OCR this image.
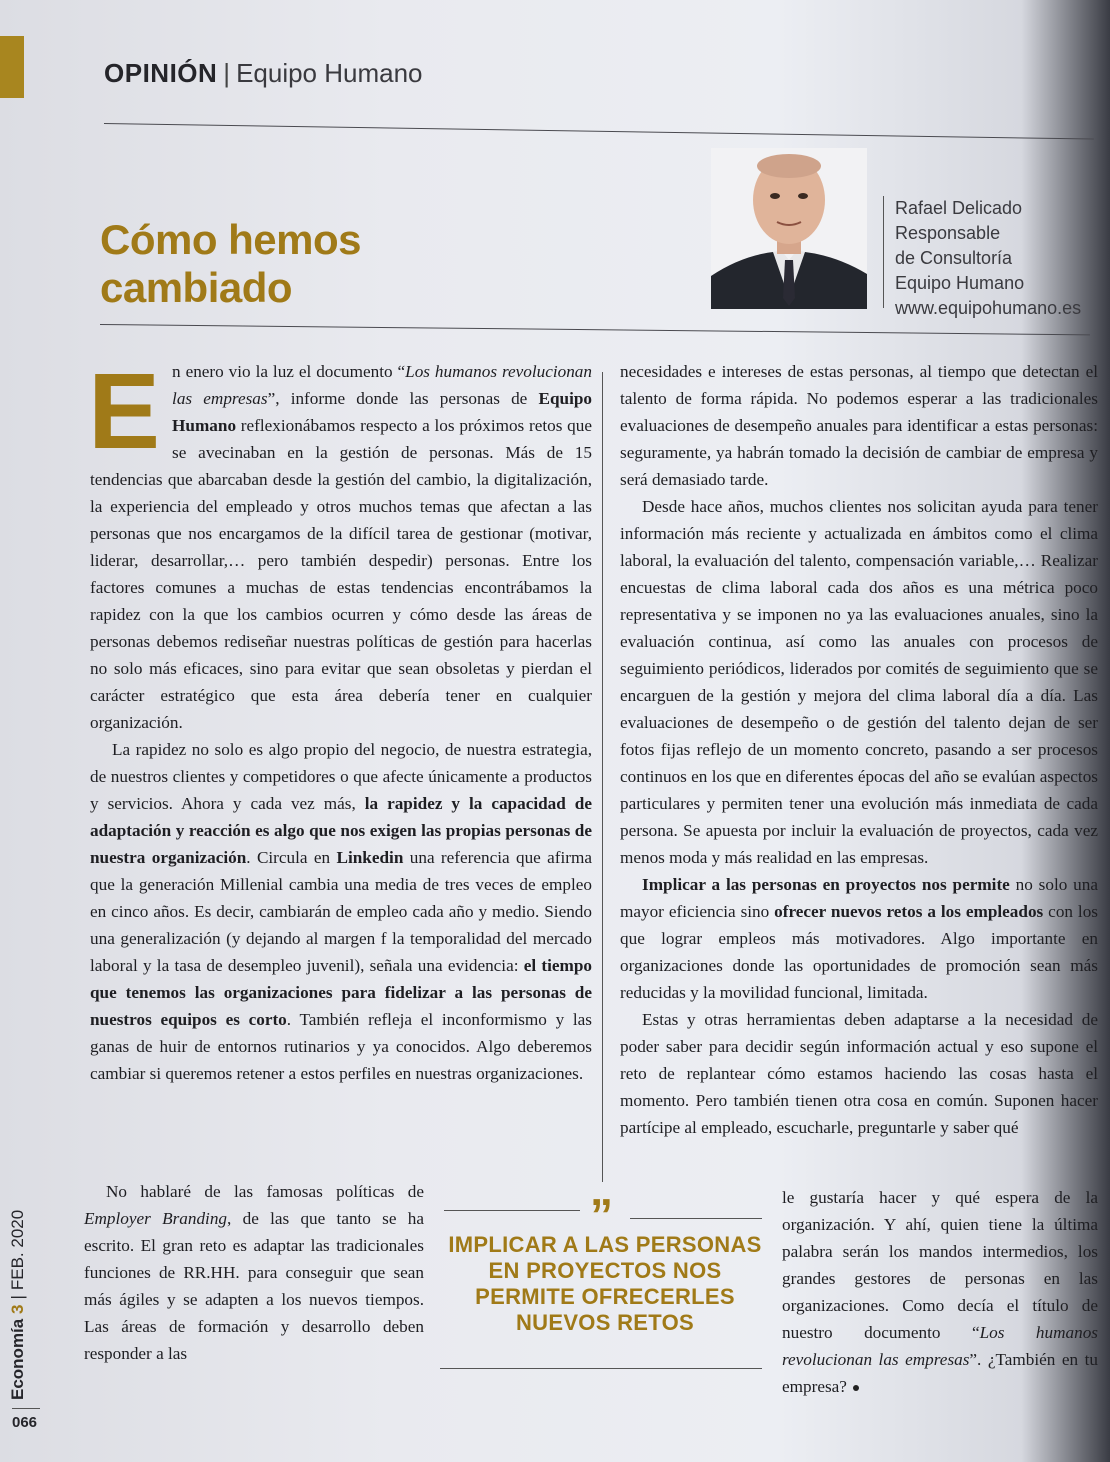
OPINIÓN | Equipo Humano
Cómo hemos
cambiado
Rafael Delicado
Responsable
de Consultoría
Equipo Humano
www.equipohumano.es

En enero vio la luz el documento “Los humanos revolucionan las empresas”, informe donde las personas de Equipo Humano reflexionábamos respecto a los próximos retos que se avecinaban en la gestión de personas. Más de 15 tendencias que abarcaban desde la gestión del cambio, la digitalización, la experiencia del empleado y otros muchos temas que afectan a las personas que nos encargamos de la difícil tarea de gestionar (motivar, liderar, desarrollar,… pero también despedir) personas. Entre los factores comunes a muchas de estas tendencias encontrábamos la rapidez con la que los cambios ocurren y cómo desde las áreas de personas debemos rediseñar nuestras políticas de gestión para hacerlas no solo más eficaces, sino para evitar que sean obsoletas y pierdan el carácter estratégico que esta área debería tener en cualquier organización.

La rapidez no solo es algo propio del negocio, de nuestra estrategia, de nuestros clientes y competidores o que afecte únicamente a productos y servicios. Ahora y cada vez más, la rapidez y la capacidad de adaptación y reacción es algo que nos exigen las propias personas de nuestra organización. Circula en Linkedin una referencia que afirma que la generación Millenial cambia una media de tres veces de empleo en cinco años. Es decir, cambiarán de empleo cada año y medio. Siendo una generalización (y dejando al margen f la temporalidad del mercado laboral y la tasa de desempleo juvenil), señala una evidencia: el tiempo que tenemos las organizaciones para fidelizar a las personas de nuestros equipos es corto. También refleja el inconformismo y las ganas de huir de entornos rutinarios y ya conocidos. Algo deberemos cambiar si queremos retener a estos perfiles en nuestras organizaciones.

No hablaré de las famosas políticas de Employer Branding, de las que tanto se ha escrito. El gran reto es adaptar las tradicionales funciones de RR.HH. para conseguir que sean más ágiles y se adapten a los nuevos tiempos. Las áreas de formación y desarrollo deben responder a las

necesidades e intereses de estas personas, al tiempo que detectan el talento de forma rápida. No podemos esperar a las tradicionales evaluaciones de desempeño anuales para identificar a estas personas: seguramente, ya habrán tomado la decisión de cambiar de empresa y será demasiado tarde.

Desde hace años, muchos clientes nos solicitan ayuda para tener información más reciente y actualizada en ámbitos como el clima laboral, la evaluación del talento, compensación variable,… Realizar encuestas de clima laboral cada dos años es una métrica poco representativa y se imponen no ya las evaluaciones anuales, sino la evaluación continua, así como las anuales con procesos de seguimiento periódicos, liderados por comités de seguimiento que se encarguen de la gestión y mejora del clima laboral día a día. Las evaluaciones de desempeño o de gestión del talento dejan de ser fotos fijas reflejo de un momento concreto, pasando a ser procesos continuos en los que en diferentes épocas del año se evalúan aspectos particulares y permiten tener una evolución más inmediata de cada persona. Se apuesta por incluir la evaluación de proyectos, cada vez menos moda y más realidad en las empresas.

Implicar a las personas en proyectos nos permite no solo una mayor eficiencia sino ofrecer nuevos retos a los empleados con los que lograr empleos más motivadores. Algo importante en organizaciones donde las oportunidades de promoción sean más reducidas y la movilidad funcional, limitada.

Estas y otras herramientas deben adaptarse a la necesidad de poder saber para decidir según información actual y eso supone el reto de replantear cómo estamos haciendo las cosas hasta el momento. Pero también tienen otra cosa en común. Suponen hacer partícipe al empleado, escucharle, preguntarle y saber qué

le gustaría hacer y qué espera de la organización. Y ahí, quien tiene la última palabra serán los mandos intermedios, los grandes gestores de personas en las organizaciones. Como decía el título de nuestro documento “Los humanos revolucionan las empresas”. ¿También en tu empresa?

”
IMPLICAR A LAS PERSONAS EN PROYECTOS NOS PERMITE OFRECERLES NUEVOS RETOS
Economía 3|FEB. 2020
066
